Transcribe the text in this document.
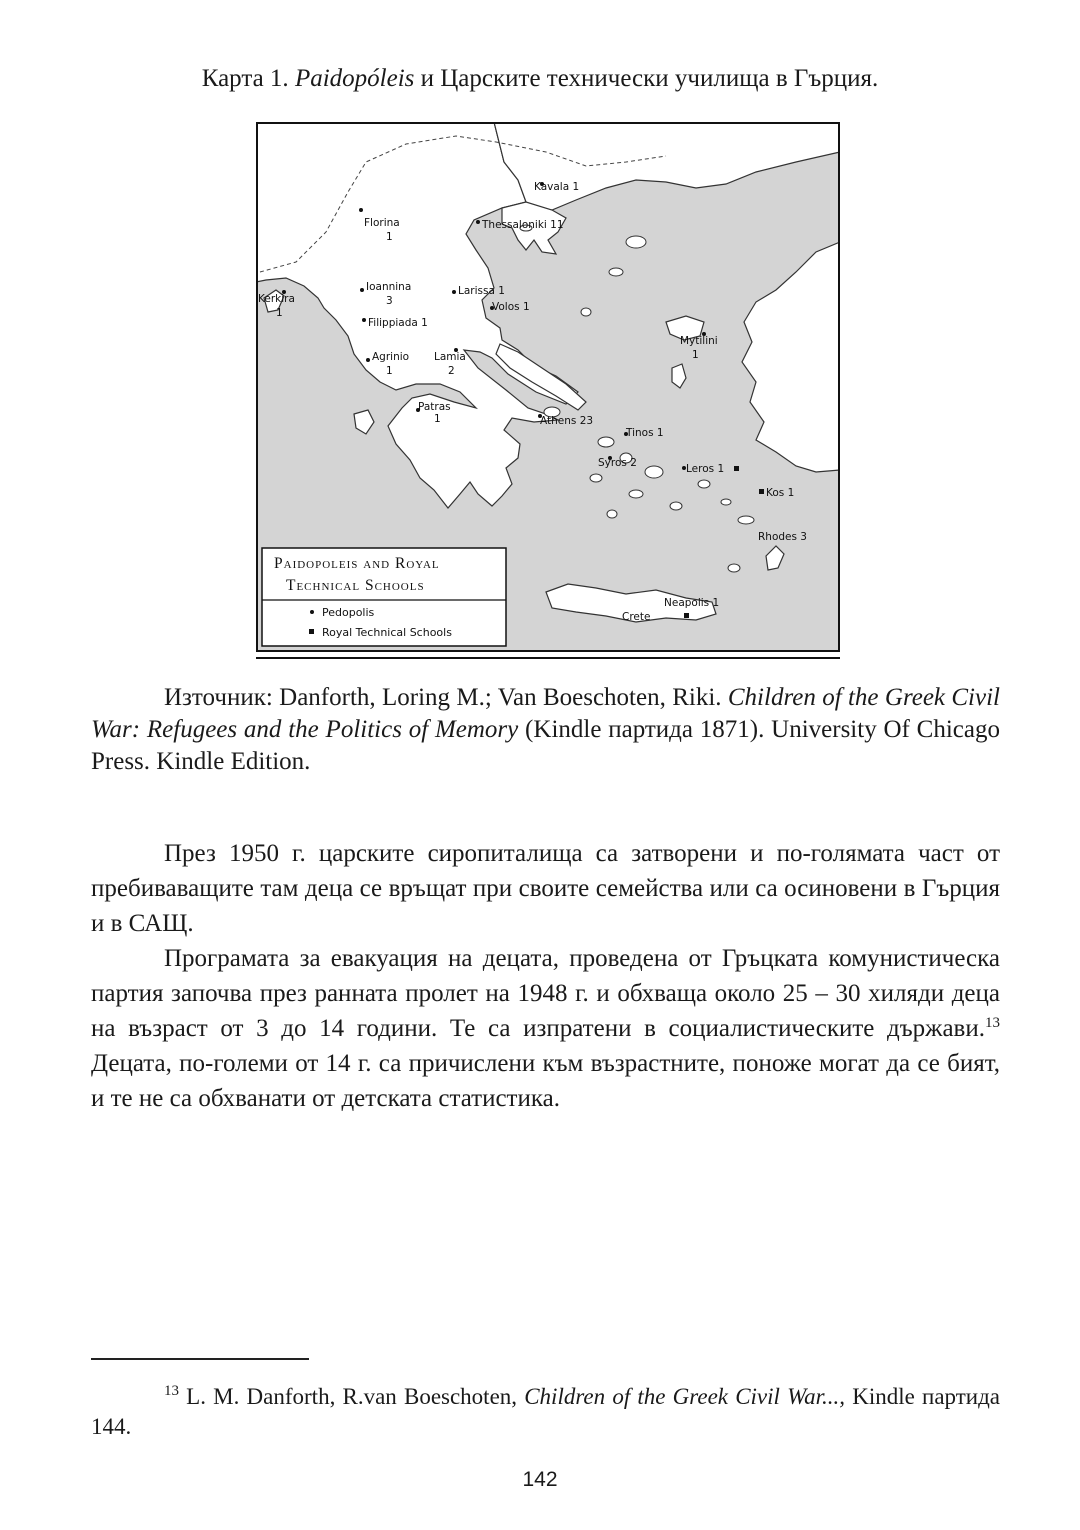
Карта 1. Paidopóleis и Царските технически училища в Гърция.
Kavala 1
Florina
1
Thessaloniki 11
Kerkira
1
Ioannina
3
Larissa 1
Volos 1
Filippiada 1
Mytilini
1
Agrinio
1
Lamia
2
Patras
1	Athens 23
Tinos 1
Syros 2	Leros 1
Kos 1
Rhodes 3
Crete
Neapolis 1
Paidopoleis and Royal
Technical Schools
Pedopolis
Royal Technical Schools
Източник: Danforth, Loring M.; Van Boeschoten, Riki. Children of the Greek Civil War: Refugees and the Politics of Memory (Kindle партида 1871). University Of Chicago Press. Kindle Edition.

През 1950 г. царските сиропиталища са затворени и по-голямата част от пребиваващите там деца се връщат при своите семейства или са осиновени в Гърция и в САЩ.

Програмата за евакуация на децата, проведена от Гръцката комунистическа партия започва през ранната пролет на 1948 г. и обхваща около 25 – 30 хиляди деца на възраст от 3 до 14 години. Те са изпратени в социалистическите държави.$^{13}$ Децата, по-големи от 14 г. са причислени към възрастните, поноже могат да се бият, и те не са обхванати от детската статистика.

$^{13}$ L. M. Danforth, R.van Boeschoten, Children of the Greek Civil War..., Kindle партида 144.
142
